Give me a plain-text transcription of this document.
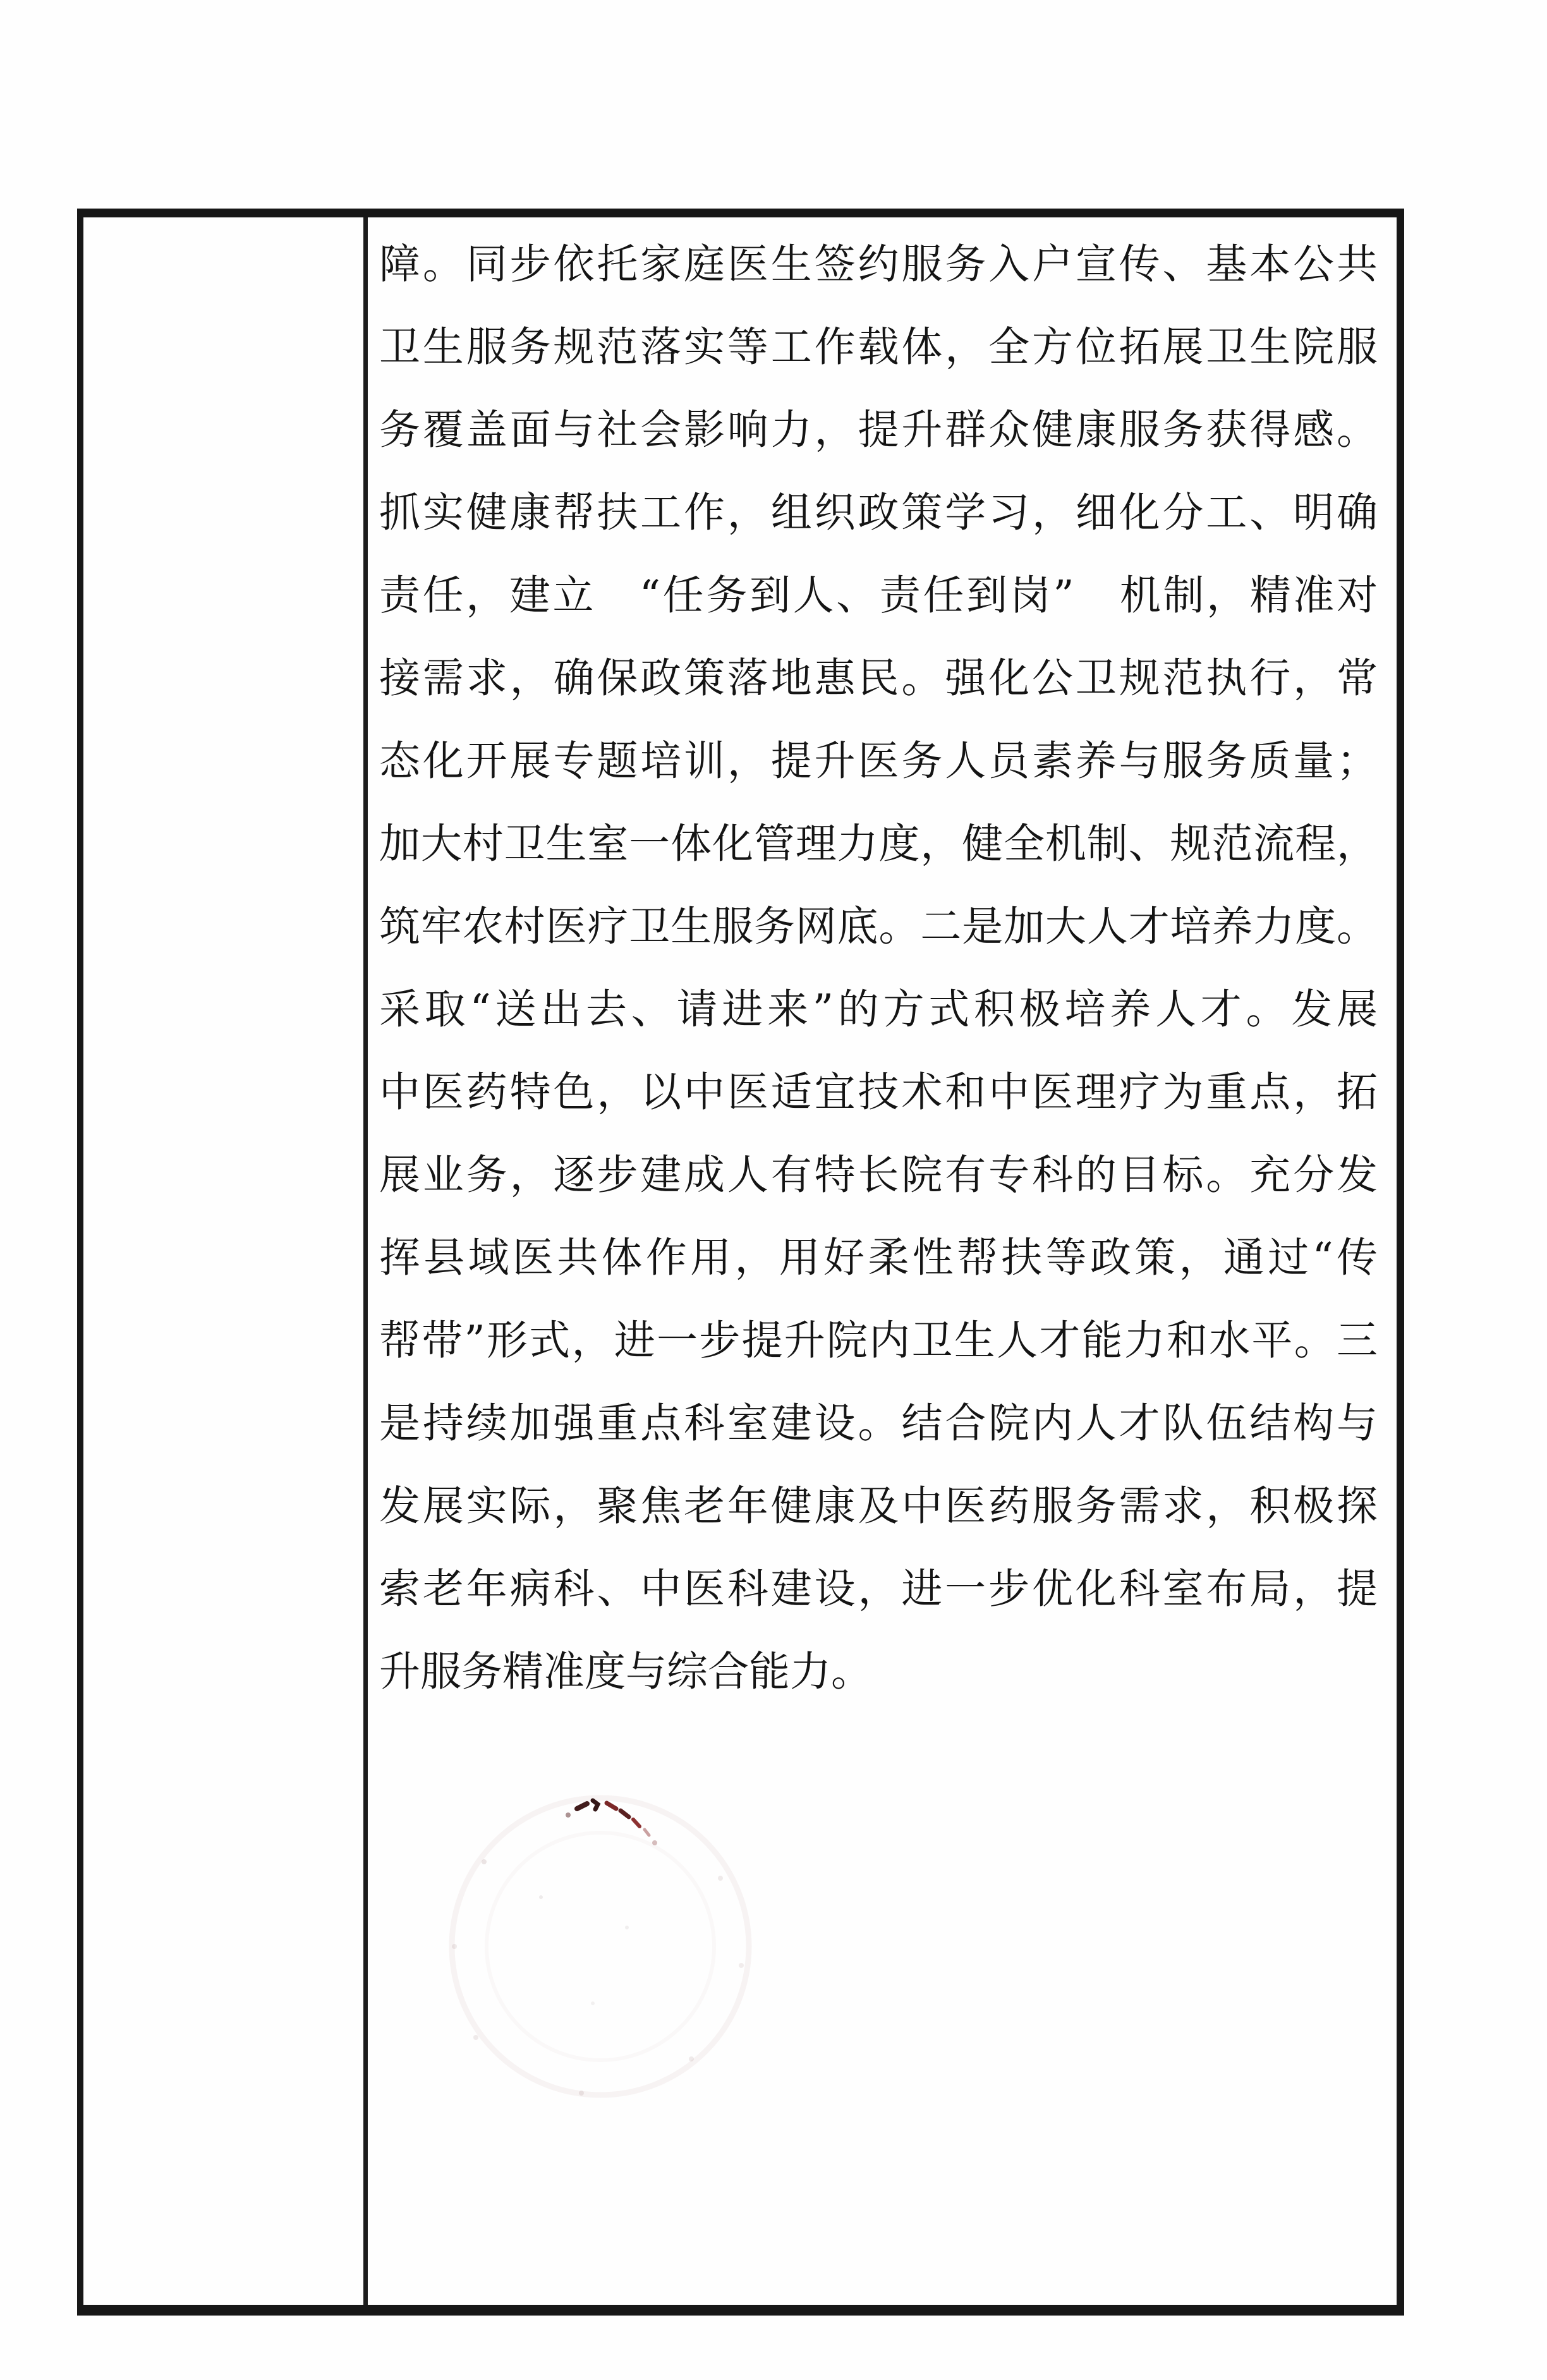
障。同步依托家庭医生签约服务入户宣传、基本公共
卫生服务规范落实等工作载体，全方位拓展卫生院服
务覆盖面与社会影响力，提升群众健康服务获得感。
抓实健康帮扶工作，组织政策学习，细化分工、明确
责任，建立　“任务到人、责任到岗”　机制，精准对
接需求，确保政策落地惠民。强化公卫规范执行，常
态化开展专题培训，提升医务人员素养与服务质量；
加大村卫生室一体化管理力度，健全机制、规范流程，
筑牢农村医疗卫生服务网底。二是加大人才培养力度。
采取“送出去、请进来”的方式积极培养人才。发展
中医药特色，以中医适宜技术和中医理疗为重点，拓
展业务，逐步建成人有特长院有专科的目标。充分发
挥县域医共体作用，用好柔性帮扶等政策，通过“传
帮带”形式，进一步提升院内卫生人才能力和水平。三
是持续加强重点科室建设。结合院内人才队伍结构与
发展实际，聚焦老年健康及中医药服务需求，积极探
索老年病科、中医科建设，进一步优化科室布局，提
升服务精准度与综合能力。
